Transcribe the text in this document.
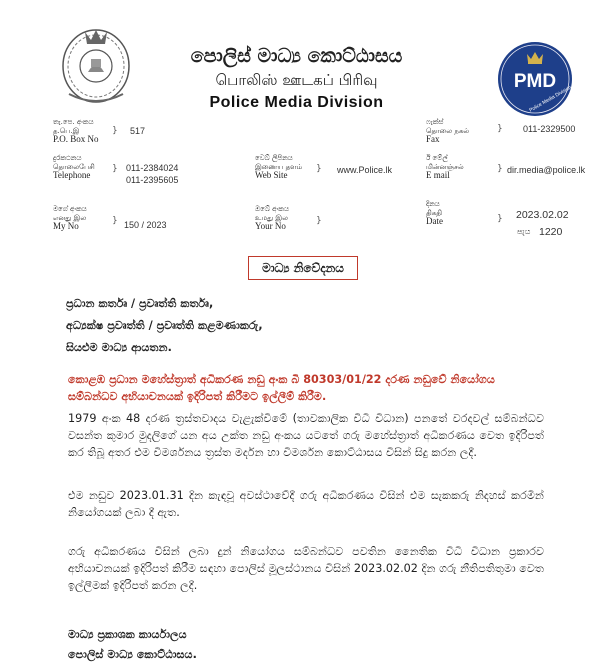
පොලිස් මාධ්‍ය කොට්ඨාසය
பொலிஸ் ஊடகப் பிரிவு
Police Media Division
PMD
Police Media Division
තැ.පෙ. අංකය
த.பெ.இ
P.O. Box No
} 517
ෆැක්ස්
தொலை நகல்
Fax
} 011-2329500
දුරකථනය
தொலைபேசி
Telephone
} 011-2384024
011-2395605
වෙබ් ලිපිනය
இணைய தளம்
Web Site
} www.Police.lk
ඊ මේල්
மின்னஞ்சல்
E mail
} dir.media@police.lk
මගේ අංකය
எனது இல
My No	} 150 / 2023
ඔබේ අංකය
உமது இல
Your No	}
දිනය
திகதி
Date	} 2023.02.02
පැය 1220
මාධ්‍ය නිවේදනය
ප්‍රධාන කර්තෘ / ප්‍රවෘත්ති කර්තෘ,
අධ්‍යක්ෂ ප්‍රවෘත්ති / ප්‍රවෘත්ති කළමණාකරු,
සියළුම මාධ්‍ය ආයතන.
කොළඹ ප්‍රධාන මහේස්ත්‍රාත් අධිකරණ නඩු අංක බී 80303/01/22 දරණ නඩුවේ නියෝගය සම්බන්ධව අභියාචනයක් ඉදිරිපත් කිරීමට ඉල්ලීම් කිරීම.
1979 අංක 48 දරණ ත්‍රස්තවාදය වැළැක්වීමේ (තාවකාලික විධි විධාන) පනතේ වරදවල් සම්බන්ධව වසන්ත කුමාර මුදලිගේ යන අය උක්ත නඩු අංකය යටතේ ගරු මහේස්ත්‍රාත් අධිකරණය වෙත ඉදිරිපත් කර තිබූ අතර එම විමර්ශනය ත්‍රස්ත මර්දන හා විමර්ශන කොට්ඨාසය විසින් සිදු කරන ලදී.
එම නඩුව 2023.01.31 දින කැඳවූ අවස්ථාවේදී ගරු අධිකරණය විසින් එම සැකකරු නිදහස් කරමින් නියෝගයක් ලබා දී ඇත.
ගරු අධිකරණය විසින් ලබා දුන් නියෝගය සම්බන්ධව පවතින නෛතික විධි විධාන ප්‍රකාරව අභියාචනයක් ඉදිරිපත් කිරීම සඳහා පොලිස් මූලස්ථානය විසින් 2023.02.02 දින ගරු නීතිපතිතුමා වෙත ඉල්ලීමක් ඉදිරිපත් කරන ලදී.
මාධ්‍ය ප්‍රකාශක කාර්යාලය
පොලිස් මාධ්‍ය කොට්ඨාසය.
